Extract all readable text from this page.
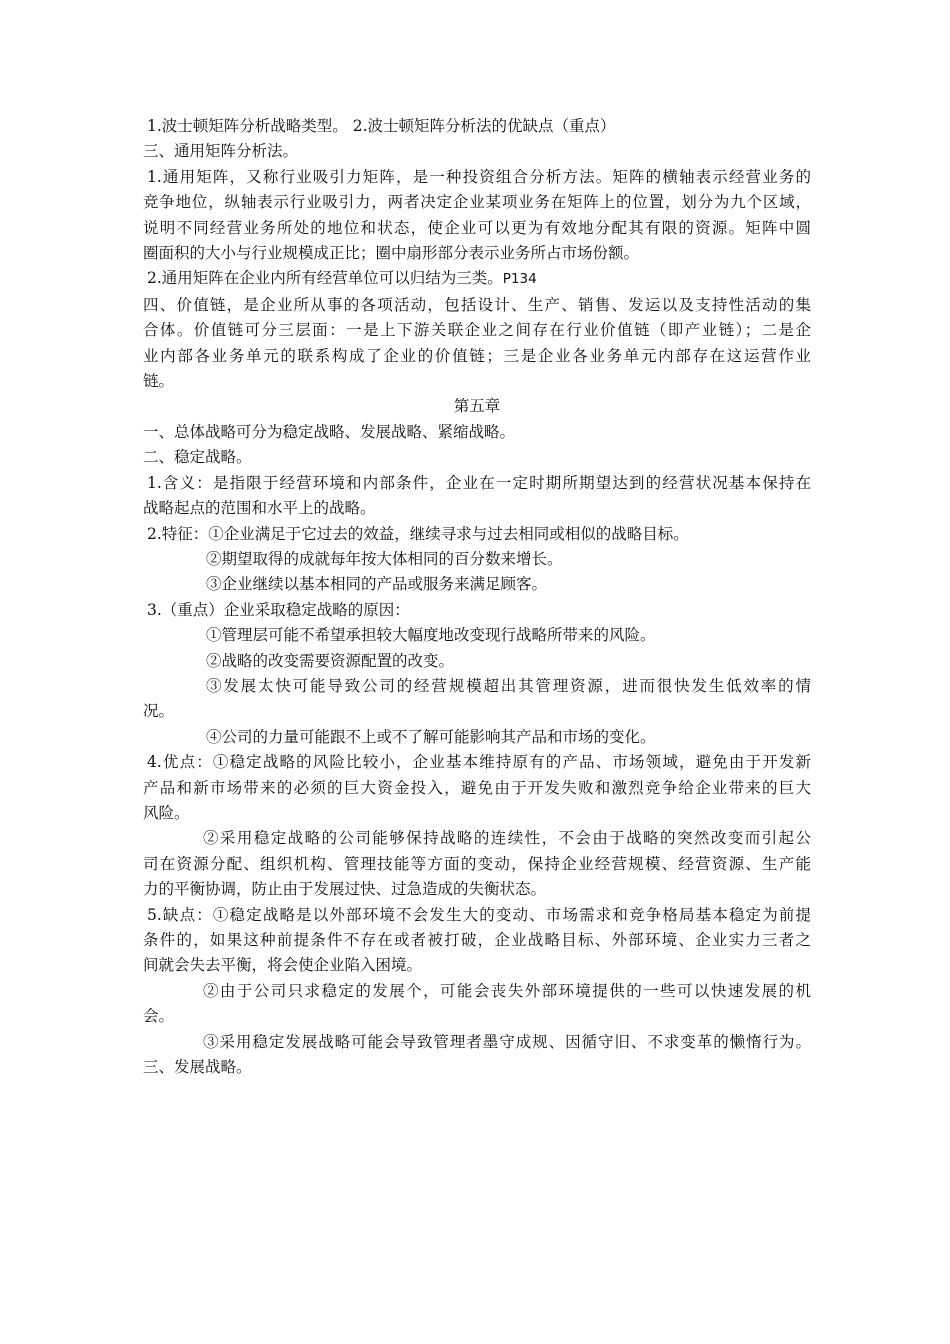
1.波士顿矩阵分析战略类型。 2.波士顿矩阵分析法的优缺点（重点）
三、通用矩阵分析法。
1.通用矩阵，又称行业吸引力矩阵，是一种投资组合分析方法。矩阵的横轴表示经营业务的
竞争地位，纵轴表示行业吸引力，两者决定企业某项业务在矩阵上的位置，划分为九个区域，
说明不同经营业务所处的地位和状态，使企业可以更为有效地分配其有限的资源。矩阵中圆
圈面积的大小与行业规模成正比；圈中扇形部分表示业务所占市场份额。
2.通用矩阵在企业内所有经营单位可以归结为三类。P134
四、价值链，是企业所从事的各项活动，包括设计、生产、销售、发运以及支持性活动的集
合体。价值链可分三层面：一是上下游关联企业之间存在行业价值链（即产业链）；二是企
业内部各业务单元的联系构成了企业的价值链；三是企业各业务单元内部存在这运营作业
链。
第五章
一、总体战略可分为稳定战略、发展战略、紧缩战略。
二、稳定战略。
1.含义：是指限于经营环境和内部条件，企业在一定时期所期望达到的经营状况基本保持在
战略起点的范围和水平上的战略。
2.特征：①企业满足于它过去的效益，继续寻求与过去相同或相似的战略目标。
②期望取得的成就每年按大体相同的百分数来增长。
③企业继续以基本相同的产品或服务来满足顾客。
3.（重点）企业采取稳定战略的原因：
①管理层可能不希望承担较大幅度地改变现行战略所带来的风险。
②战略的改变需要资源配置的改变。
③发展太快可能导致公司的经营规模超出其管理资源，进而很快发生低效率的情
况。
④公司的力量可能跟不上或不了解可能影响其产品和市场的变化。
4.优点：①稳定战略的风险比较小，企业基本维持原有的产品、市场领域，避免由于开发新
产品和新市场带来的必须的巨大资金投入，避免由于开发失败和激烈竞争给企业带来的巨大
风险。
②采用稳定战略的公司能够保持战略的连续性，不会由于战略的突然改变而引起公
司在资源分配、组织机构、管理技能等方面的变动，保持企业经营规模、经营资源、生产能
力的平衡协调，防止由于发展过快、过急造成的失衡状态。
5.缺点：①稳定战略是以外部环境不会发生大的变动、市场需求和竞争格局基本稳定为前提
条件的，如果这种前提条件不存在或者被打破，企业战略目标、外部环境、企业实力三者之
间就会失去平衡，将会使企业陷入困境。
②由于公司只求稳定的发展个，可能会丧失外部环境提供的一些可以快速发展的机
会。
③采用稳定发展战略可能会导致管理者墨守成规、因循守旧、不求变革的懒惰行为。
三、发展战略。
